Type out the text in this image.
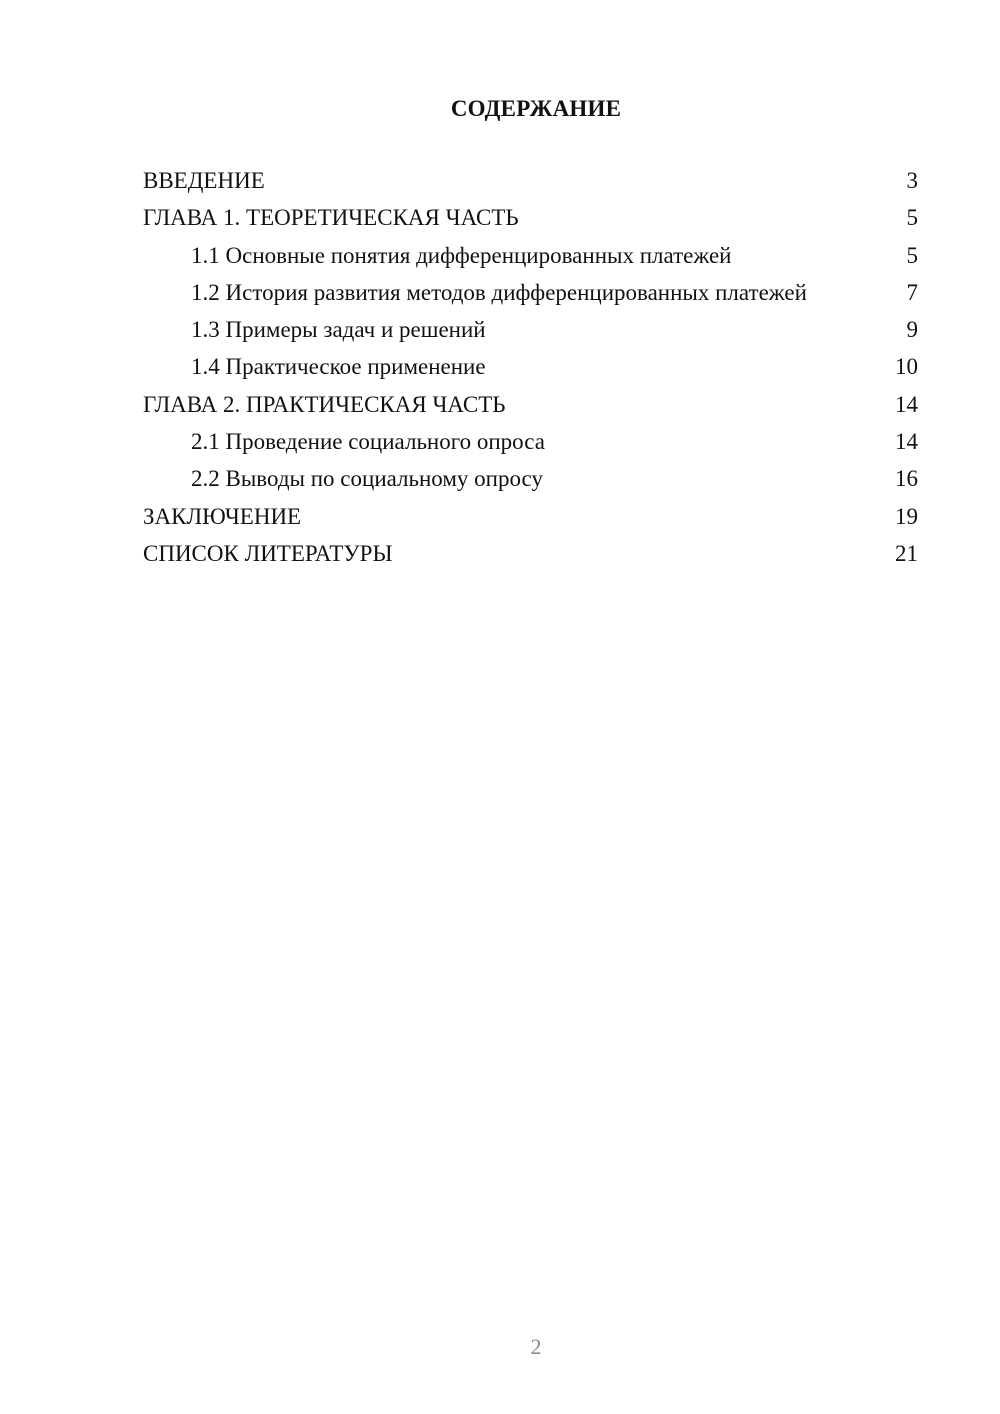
СОДЕРЖАНИЕ
ВВЕДЕНИЕ	3
ГЛАВА 1. ТЕОРЕТИЧЕСКАЯ ЧАСТЬ	5
1.1 Основные понятия дифференцированных платежей	5
1.2 История развития методов дифференцированных платежей	7
1.3 Примеры задач и решений	9
1.4 Практическое применение	10
ГЛАВА 2. ПРАКТИЧЕСКАЯ ЧАСТЬ	14
2.1 Проведение социального опроса	14
2.2 Выводы по социальному опросу	16
ЗАКЛЮЧЕНИЕ	19
СПИСОК ЛИТЕРАТУРЫ	21
2
